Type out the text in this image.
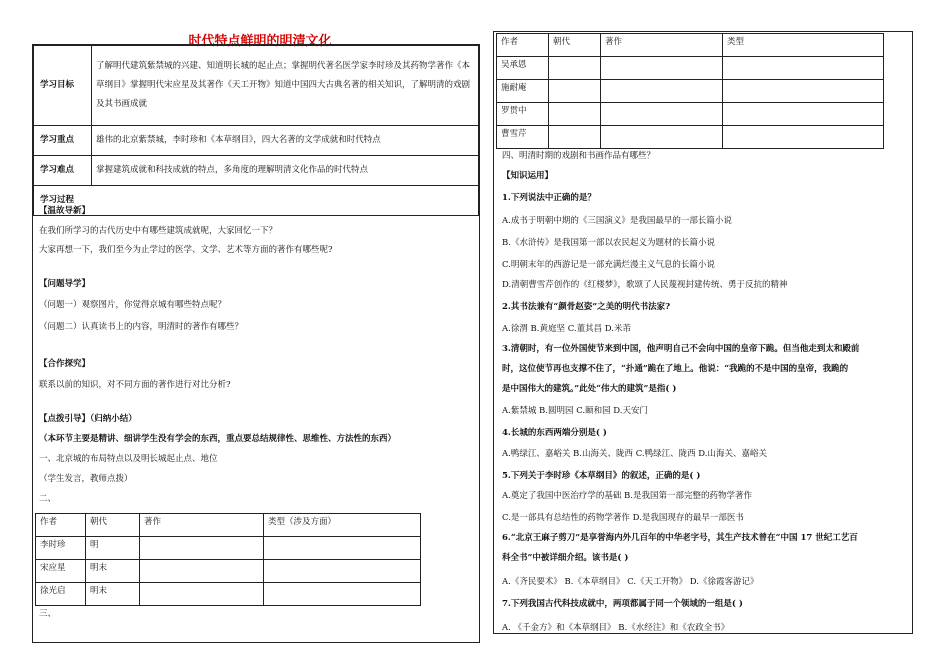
时代特点鲜明的明清文化
学习目标	了解明代建筑紫禁城的兴建、知道明长城的起止点；掌握明代著名医学家李时珍及其药物学著作《本草纲目》掌握明代宋应星及其著作《天工开物》知道中国四大古典名著的相关知识，了解明清的戏剧及其书画成就
学习重点	雄伟的北京紫禁城，李时珍和《本草纲目》，四大名著的文学成就和时代特点
学习难点	掌握建筑成就和科技成就的特点，多角度的理解明清文化作品的时代特点
学习过程	
【温故导新】
在我们所学习的古代历史中有哪些建筑成就呢，大家回忆一下？
大家再想一下，我们至今为止学过的医学、文学、艺术等方面的著作有哪些呢?
【问题导学】
（问题一）观察图片，你觉得京城有哪些特点呢？
（问题二）认真读书上的内容，明清时的著作有哪些？
【合作探究】
联系以前的知识，对不同方面的著作进行对比分析?
【点拨引导】（归纳小结）
（本环节主要是精讲、细讲学生没有学会的东西，重点要总结规律性、思维性、方法性的东西）
一、北京城的布局特点以及明长城起止点、地位
（学生发言，教师点拨）
二、
作者	朝代	著作	类型（涉及方面）
李时珍	明		
宋应星	明末		
徐光启	明末		
三、
作者	朝代	著作	类型
吴承恩			
施耐庵			
罗贯中			
曹雪芹			
四、明清时期的戏剧和书画作品有哪些？
【知识运用】
1.下列说法中正确的是？
A.成书于明朝中期的《三国演义》是我国最早的一部长篇小说
B.《水浒传》是我国第一部以农民起义为题材的长篇小说
C.明朝末年的西游记是一部充满烂漫主义气息的长篇小说
D.清朝曹雪芹创作的《红楼梦》，歌颂了人民蔑视封建传统、勇于反抗的精神
2.其书法兼有“颜骨赵姿”之美的明代书法家?
A.徐渭 B.黄庭坚 C.董其昌 D.米芾
3.清朝时，有一位外国使节来到中国，他声明自己不会向中国的皇帝下跪。但当他走到太和殿前
时，这位使节再也支撑不住了，“扑通”跪在了地上。他说：“我跪的不是中国的皇帝，我跪的
是中国伟大的建筑。”此处“伟大的建筑”是指( )
A.紫禁城 B.圆明园 C.颐和园 D.天安门
4.长城的东西两端分别是( )
A.鸭绿江、嘉峪关 B.山海关、陇西 C.鸭绿江、陇西 D.山海关、嘉峪关
5.下列关于李时珍《本草纲目》的叙述，正确的是( )
A.奠定了我国中医治疗学的基础 B.是我国第一部完整的药物学著作
C.是一部具有总结性的药物学著作 D.是我国现存的最早一部医书
6.“北京王麻子剪刀”是享誉海内外几百年的中华老字号，其生产技术曾在“中国 17 世纪工艺百
科全书”中被详细介绍。该书是( )
A.《齐民要术》 B.《本草纲目》 C.《天工开物》 D.《徐霞客游记》
7.下列我国古代科技成就中，两项都属于同一个领域的一组是( )
A. 《千金方》和《本草纲目》 B.《水经注》和《农政全书》
